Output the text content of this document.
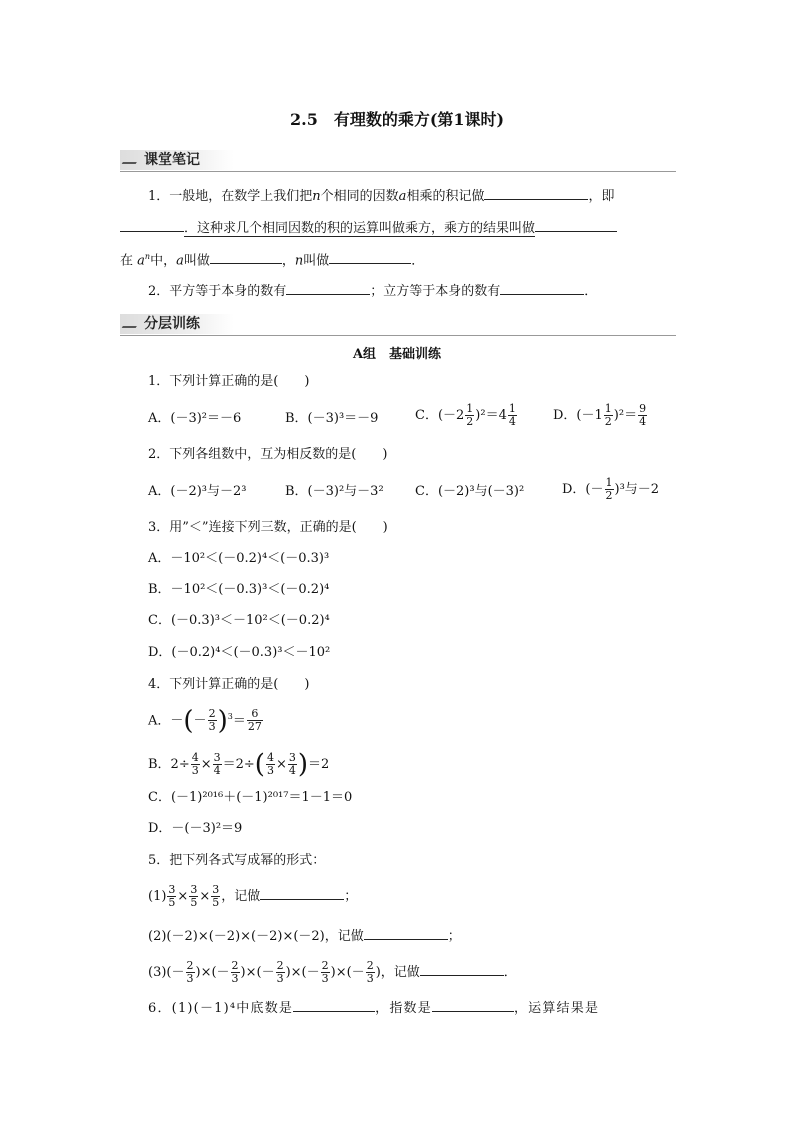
2.5　有理数的乘方(第1课时)
课堂笔记
1．一般地，在数学上我们把n个相同的因数a相乘的积记做	，即
．这种求几个相同因数的积的运算叫做乘方，乘方的结果叫做
在 $a^n$中，a叫做	，n叫做	．
2．平方等于本身的数有	；立方等于本身的数有	．
分层训练
A组　基础训练
1．下列计算正确的是(　　)
A．(－3)²＝－6	B．(－3)³＝－9	C．$(-2 \frac{1}{2} )^2=4 \frac{1}{4}$	D．$(-1 \frac{1}{2} )^2= \frac{9}{4}$
2．下列各组数中，互为相反数的是(　　)
A．(－2)³与－2³	B．(－3)²与－3² C．(－2)³与(－3)²	D．(－ $\frac{1}{2} )^3$与－2
3．用”＜”连接下列三数，正确的是(　　)
A．－10²＜(－0.2)⁴＜(－0.3)³
B．－10²＜(－0.3)³＜(－0.2)⁴
C．(－0.3)³＜－10²＜(－0.2)⁴
D．(－0.2)⁴＜(－0.3)³＜－10²
4．下列计算正确的是(　　)
A．－(－ $\frac{2}{3} )^3= \frac{6}{27}$
B．$2\div \frac{4}{3} \times \frac{3}{4} =2\div( \frac{4}{3} \times \frac{3}{4} )=2$
C．(－1)²⁰¹⁶＋(－1)²⁰¹⁷＝1－1＝0
D．－(－3)²＝9
5．把下列各式写成幂的形式：
$(1) \frac{3}{5} \times \frac{3}{5} \times \frac{3}{5}$ ，记做	；
(2)(－2)×(－2)×(－2)×(－2)，记做	；
$(3)(- \frac{2}{3}$ )×(－ $\frac{2}{3}$ )×(－ $\frac{2}{3}$ )×(－ $\frac{2}{3}$ )×(－ $\frac{2}{3}$ )，记做	．
6．(1)(－1)⁴中底数是	，指数是	，运算结果是
